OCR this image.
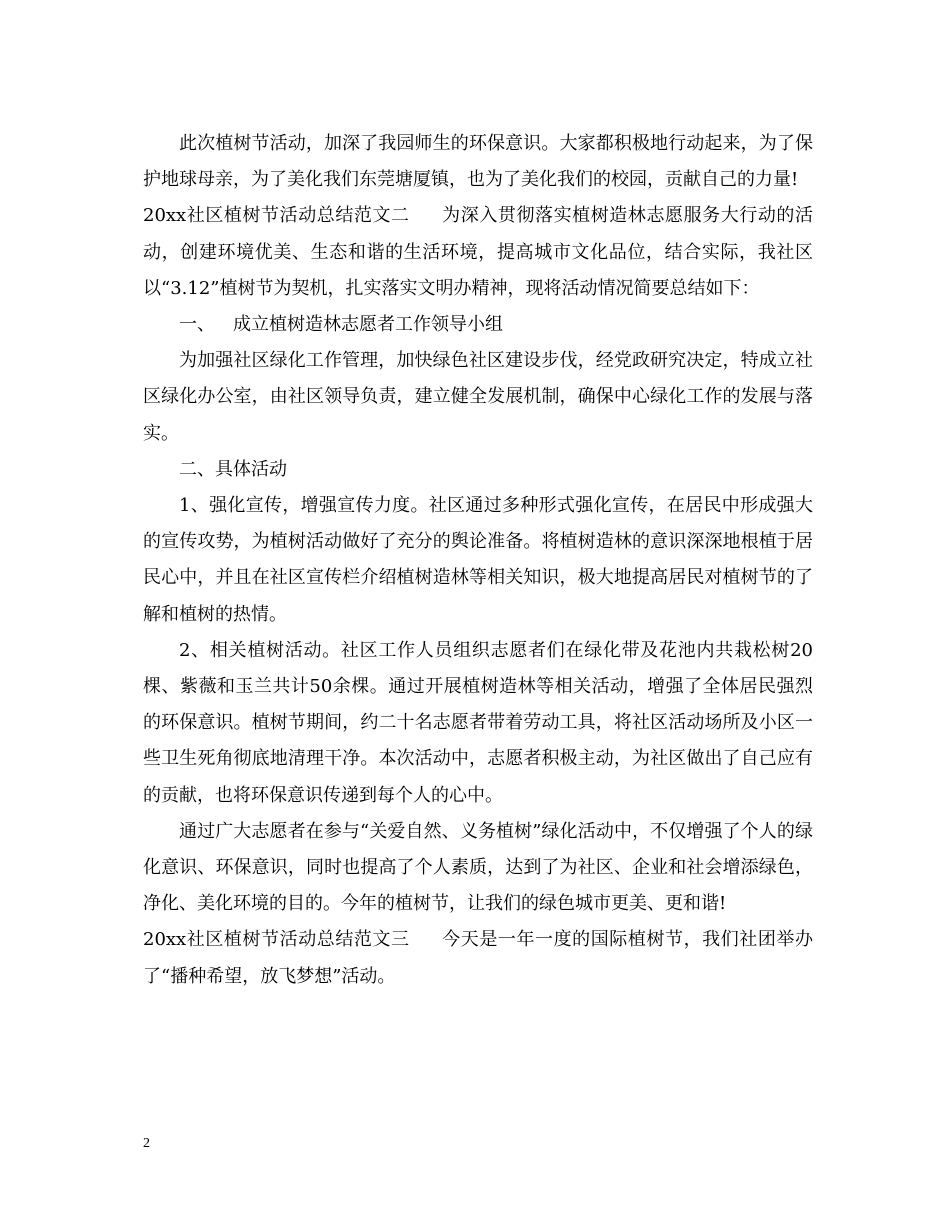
此次植树节活动，加深了我园师生的环保意识。大家都积极地行动起来，为了保护地球母亲，为了美化我们东莞塘厦镇，也为了美化我们的校园，贡献自己的力量!

20xx社区植树节活动总结范文二 为深入贯彻落实植树造林志愿服务大行动的活动，创建环境优美、生态和谐的生活环境，提高城市文化品位，结合实际，我社区以“3.12”植树节为契机，扎实落实文明办精神，现将活动情况简要总结如下：

一、 成立植树造林志愿者工作领导小组

为加强社区绿化工作管理，加快绿色社区建设步伐，经党政研究决定，特成立社区绿化办公室，由社区领导负责，建立健全发展机制，确保中心绿化工作的发展与落实。

二、具体活动

1、强化宣传，增强宣传力度。社区通过多种形式强化宣传，在居民中形成强大的宣传攻势，为植树活动做好了充分的舆论准备。将植树造林的意识深深地根植于居民心中，并且在社区宣传栏介绍植树造林等相关知识，极大地提高居民对植树节的了解和植树的热情。

2、相关植树活动。社区工作人员组织志愿者们在绿化带及花池内共栽松树20棵、紫薇和玉兰共计50余棵。通过开展植树造林等相关活动，增强了全体居民强烈的环保意识。植树节期间，约二十名志愿者带着劳动工具，将社区活动场所及小区一些卫生死角彻底地清理干净。本次活动中，志愿者积极主动，为社区做出了自己应有的贡献，也将环保意识传递到每个人的心中。

通过广大志愿者在参与“关爱自然、义务植树”绿化活动中，不仅增强了个人的绿化意识、环保意识，同时也提高了个人素质，达到了为社区、企业和社会增添绿色，净化、美化环境的目的。今年的植树节，让我们的绿色城市更美、更和谐!

20xx社区植树节活动总结范文三 今天是一年一度的国际植树节，我们社团举办了“播种希望，放飞梦想”活动。

2
